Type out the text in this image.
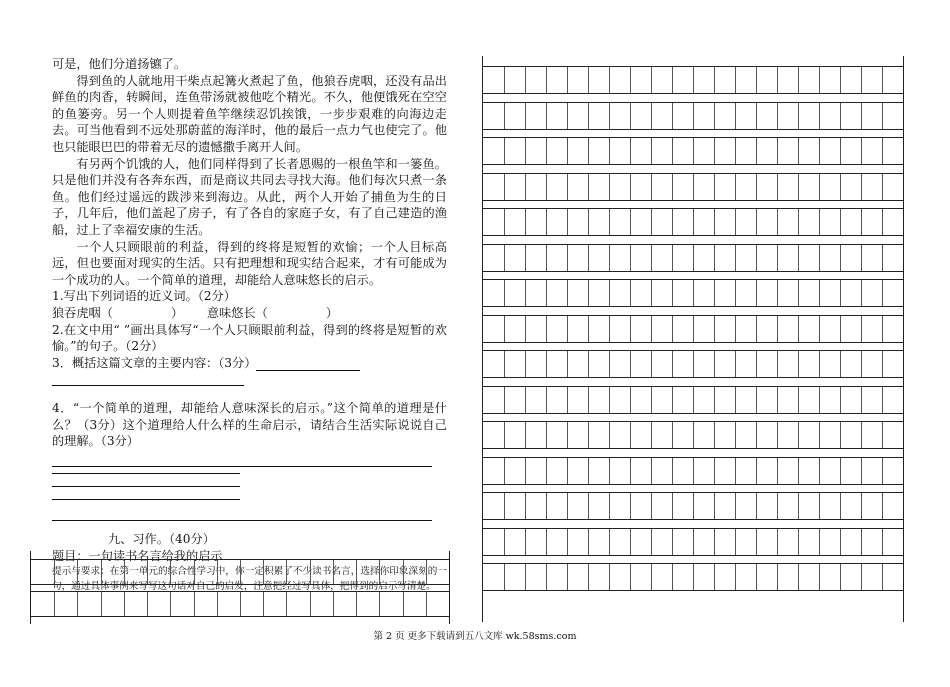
可是，他们分道扬镳了。

得到鱼的人就地用干柴点起篝火煮起了鱼，他狼吞虎咽，还没有品出鲜鱼的肉香，转瞬间，连鱼带汤就被他吃个精光。不久，他便饿死在空空的鱼篓旁。另一个人则提着鱼竿继续忍饥挨饿，一步步艰难的向海边走去。可当他看到不远处那蔚蓝的海洋时，他的最后一点力气也使完了。他也只能眼巴巴的带着无尽的遗憾撒手离开人间。

有另两个饥饿的人，他们同样得到了长者恩赐的一根鱼竿和一篓鱼。只是他们并没有各奔东西，而是商议共同去寻找大海。他们每次只煮一条鱼。他们经过遥远的跋涉来到海边。从此，两个人开始了捕鱼为生的日子，几年后，他们盖起了房子，有了各自的家庭子女，有了自己建造的渔船，过上了幸福安康的生活。

一个人只顾眼前的利益，得到的终将是短暂的欢愉；一个人目标高远，但也要面对现实的生活。只有把理想和现实结合起来，才有可能成为一个成功的人。一个简单的道理，却能给人意味悠长的启示。

1.写出下列词语的近义词。（2分）

狼吞虎咽（	） 意味悠长（	）

2.在文中用“ ”画出具体写“一个人只顾眼前利益，得到的终将是短暂的欢愉。”的句子。（2分）

3．概括这篇文章的主要内容：（3分）

4．“一个简单的道理，却能给人意味深长的启示。”这个简单的道理是什么？（3分）这个道理给人什么样的生命启示，请结合生活实际说说自己的理解。（3分）

九、习作。（40分）

题目：一句读书名言给我的启示

提示与要求：在第一单元的综合性学习中，你一定积累了不少读书名言，选择你印象深刻的一句，通过具体事例来写写这句话对自己的启发，注意把经过写具体，把得到的启示写清楚。

第 2 页 更多下载请到五八文库 wk.58sms.com
